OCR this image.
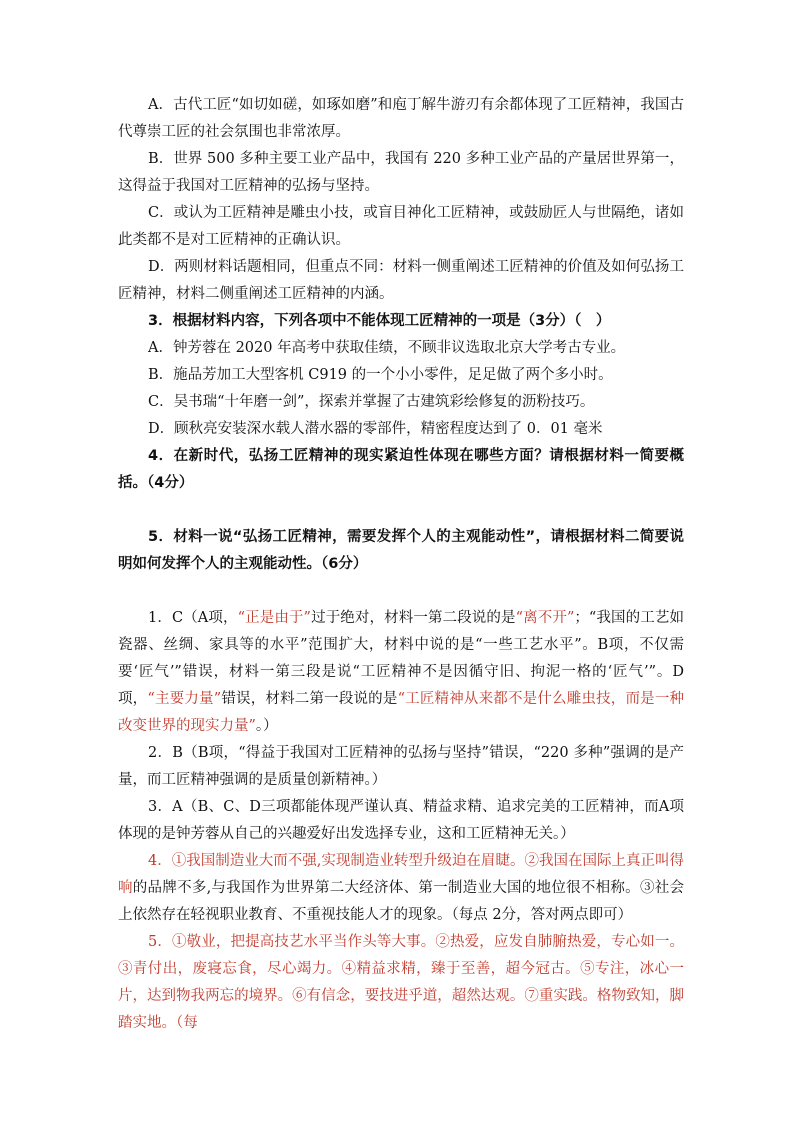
A．古代工匠“如切如磋，如琢如磨”和庖丁解牛游刃有余都体现了工匠精神，我国古代尊崇工匠的社会氛围也非常浓厚。

B．世界 500 多种主要工业产品中，我国有 220 多种工业产品的产量居世界第一，这得益于我国对工匠精神的弘扬与坚持。

C．或认为工匠精神是雕虫小技，或盲目神化工匠精神，或鼓励匠人与世隔绝，诸如此类都不是对工匠精神的正确认识。

D．两则材料话题相同，但重点不同：材料一侧重阐述工匠精神的价值及如何弘扬工匠精神，材料二侧重阐述工匠精神的内涵。

3．根据材料内容，下列各项中不能体现工匠精神的一项是（3分）（　）

A．钟芳蓉在 2020 年高考中获取佳绩，不顾非议选取北京大学考古专业。

B．施品芳加工大型客机 C919 的一个小小零件，足足做了两个多小时。

C．吴书瑞“十年磨一剑”，探索并掌握了古建筑彩绘修复的沥粉技巧。

D．顾秋亮安装深水载人潜水器的零部件，精密程度达到了 0．01 毫米

4．在新时代，弘扬工匠精神的现实紧迫性体现在哪些方面？请根据材料一简要概括。（4分）

5．材料一说“弘扬工匠精神，需要发挥个人的主观能动性”，请根据材料二简要说明如何发挥个人的主观能动性。（6分）

1．C（A项，“正是由于”过于绝对，材料一第二段说的是“离不开”；“我国的工艺如瓷器、丝绸、家具等的水平”范围扩大，材料中说的是“一些工艺水平”。B项，不仅需要‘匠气’”错误，材料一第三段是说“工匠精神不是因循守旧、拘泥一格的‘匠气’”。D项，“主要力量”错误，材料二第一段说的是“工匠精神从来都不是什么雕虫技，而是一种改变世界的现实力量”。）

2．B（B项，“得益于我国对工匠精神的弘扬与坚持”错误，“220 多种”强调的是产量，而工匠精神强调的是质量创新精神。）

3．A（B、C、D三项都能体现严谨认真、精益求精、追求完美的工匠精神，而A项体现的是钟芳蓉从自己的兴趣爱好出发选择专业，这和工匠精神无关。）

4．①我国制造业大而不强,实现制造业转型升级迫在眉睫。②我国在国际上真正叫得响的品牌不多,与我国作为世界第二大经济体、第一制造业大国的地位很不相称。③社会上依然存在轻视职业教育、不重视技能人才的现象。（每点 2分，答对两点即可）

5．①敬业，把提高技艺水平当作头等大事。②热爱，应发自肺腑热爱，专心如一。③青付出，废寝忘食，尽心竭力。④精益求精，臻于至善，超今冠古。⑤专注，冰心一片，达到物我两忘的境界。⑥有信念，要技进乎道，超然达观。⑦重实践。格物致知，脚踏实地。（每
